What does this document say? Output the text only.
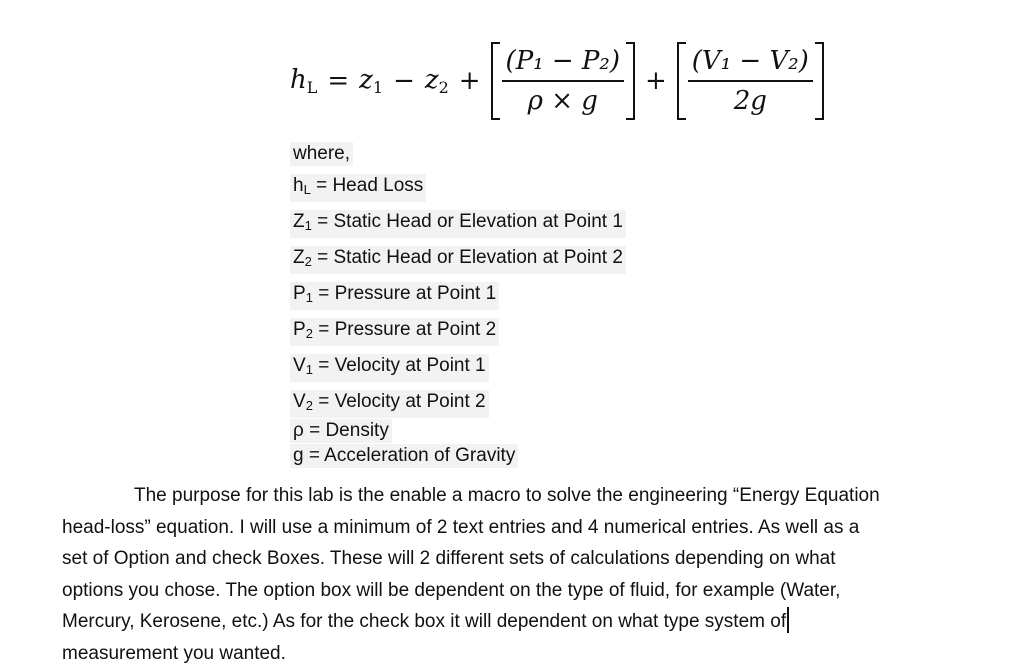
$h_L = z_1 - z_2 + \frac{\text{(P₁ − P₂)}}{\rho \times g} + \frac{\text{(V₁ − V₂)}}{2g}$
where,
$h_L$ = Head Loss
$Z_1$ = Static Head or Elevation at Point 1
$Z_2$ = Static Head or Elevation at Point 2
$P_1$ = Pressure at Point 1
$P_2$ = Pressure at Point 2
$V_1$ = Velocity at Point 1
$V_2$ = Velocity at Point 2
ρ = Density
g = Acceleration of Gravity
The purpose for this lab is the enable a macro to solve the engineering “Energy Equation
head-loss” equation. I will use a minimum of 2 text entries and 4 numerical entries. As well as a
set of Option and check Boxes. These will 2 different sets of calculations depending on what
options you chose. The option box will be dependent on the type of fluid, for example (Water,
Mercury, Kerosene, etc.) As for the check box it will dependent on what type system of
measurement you wanted.
